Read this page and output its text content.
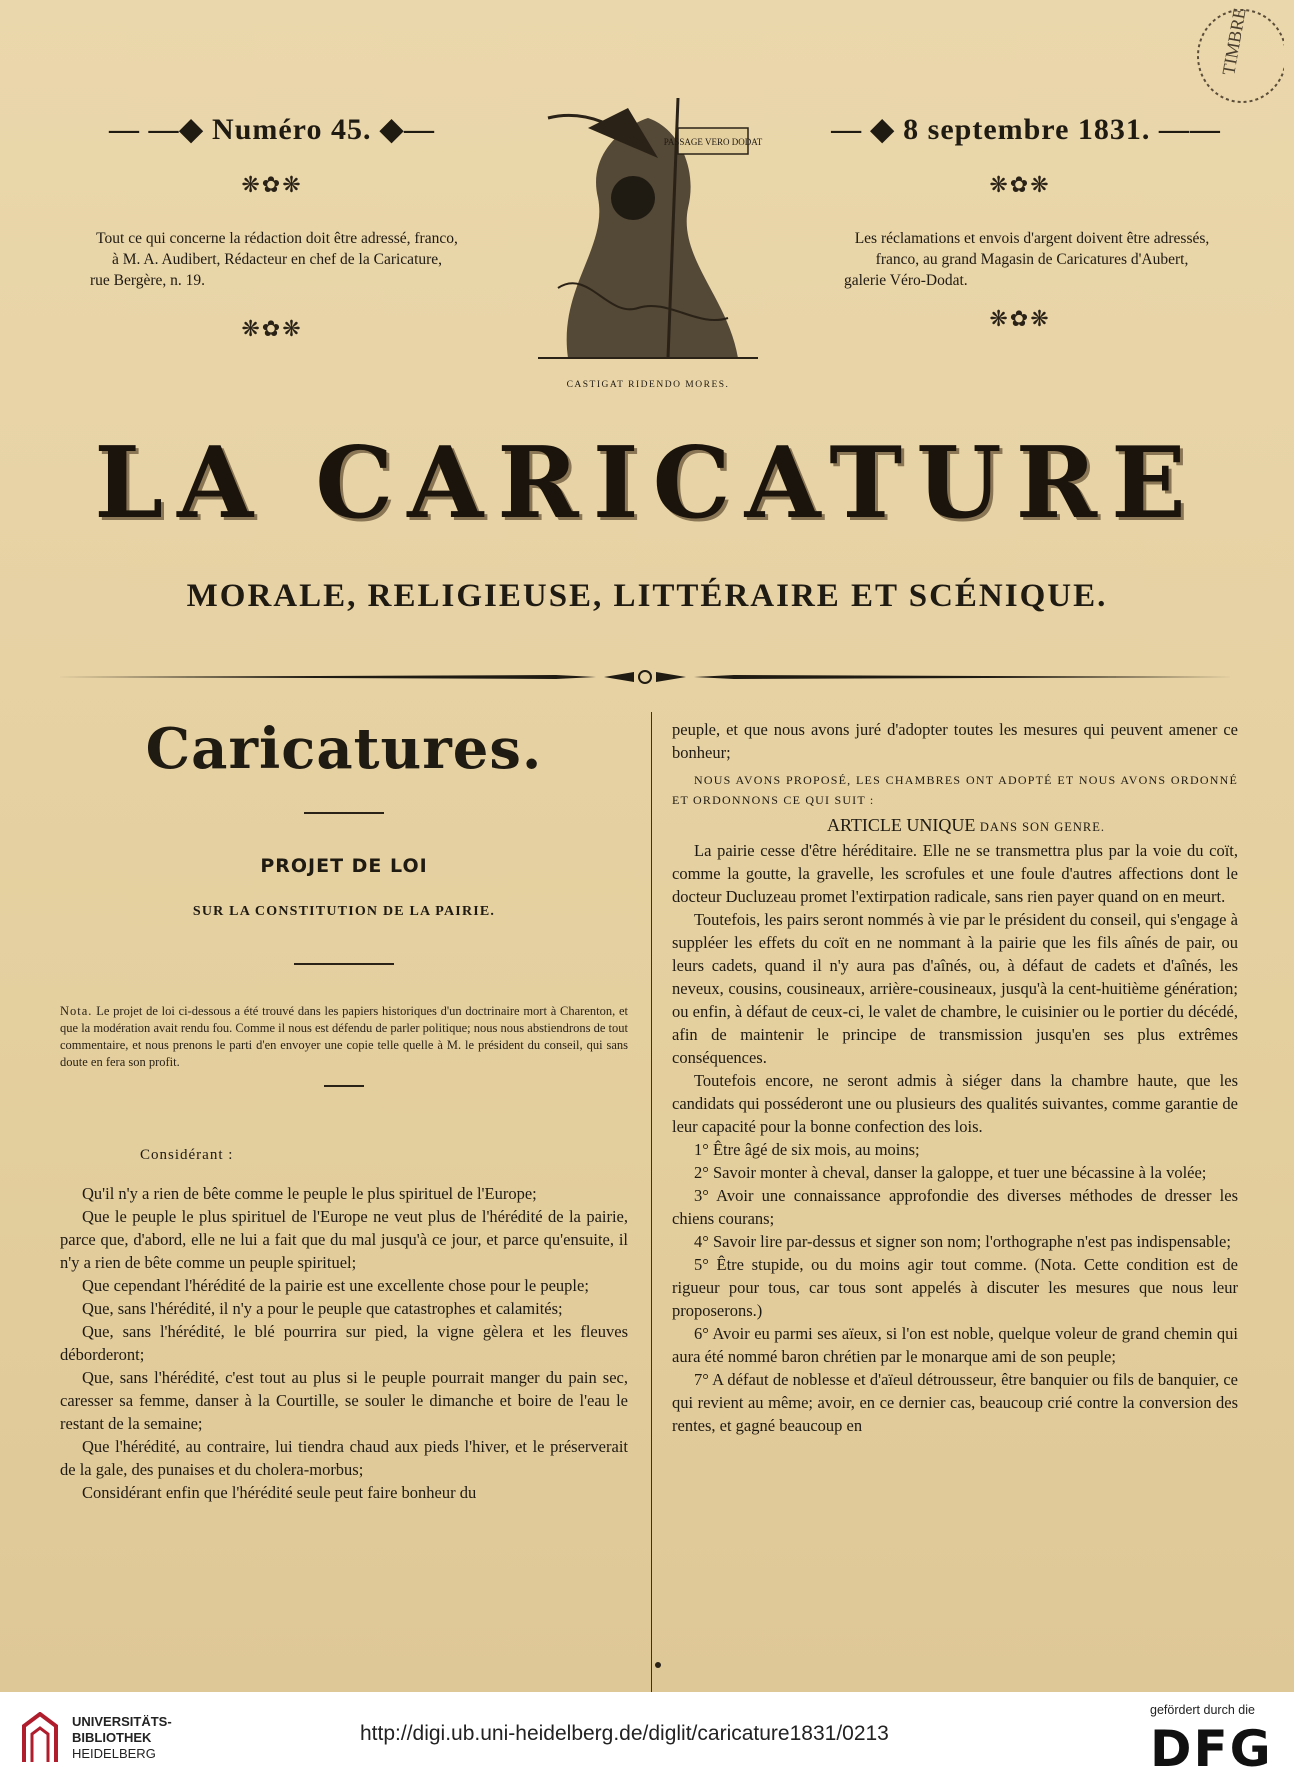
TIMBRE
— —◆ Numéro 45. ◆—
❋✿❋
Tout ce qui concerne la rédaction doit être adressé, franco,
à M. A. Audibert, Rédacteur en chef de la Caricature,
rue Bergère, n. 19.
❋✿❋
PASSAGE VERO DODAT
CASTIGAT RIDENDO MORES.
— ◆ 8 septembre 1831. ——
❋✿❋
Les réclamations et envois d'argent doivent être adressés,
franco, au grand Magasin de Caricatures d'Aubert,
galerie Véro-Dodat.
❋✿❋
LA CARICATURE
MORALE, RELIGIEUSE, LITTÉRAIRE ET SCÉNIQUE.
Caricatures.
PROJET DE LOI
SUR LA CONSTITUTION DE LA PAIRIE.
Nota. Le projet de loi ci-dessous a été trouvé dans les papiers historiques d'un doctrinaire mort à Charenton, et que la modération avait rendu fou. Comme il nous est défendu de parler politique; nous nous abstiendrons de tout commentaire, et nous prenons le parti d'en envoyer une copie telle quelle à M. le président du conseil, qui sans doute en fera son profit.
Considérant :

Qu'il n'y a rien de bête comme le peuple le plus spirituel de l'Europe;

Que le peuple le plus spirituel de l'Europe ne veut plus de l'hérédité de la pairie, parce que, d'abord, elle ne lui a fait que du mal jusqu'à ce jour, et parce qu'ensuite, il n'y a rien de bête comme un peuple spirituel;

Que cependant l'hérédité de la pairie est une excellente chose pour le peuple;

Que, sans l'hérédité, il n'y a pour le peuple que catastrophes et calamités;

Que, sans l'hérédité, le blé pourrira sur pied, la vigne gèlera et les fleuves déborderont;

Que, sans l'hérédité, c'est tout au plus si le peuple pourrait manger du pain sec, caresser sa femme, danser à la Courtille, se souler le dimanche et boire de l'eau le restant de la semaine;

Que l'hérédité, au contraire, lui tiendra chaud aux pieds l'hiver, et le préserverait de la gale, des punaises et du cholera-morbus;

Considérant enfin que l'hérédité seule peut faire bonheur du

peuple, et que nous avons juré d'adopter toutes les mesures qui peuvent amener ce bonheur;

NOUS AVONS PROPOSÉ, LES CHAMBRES ONT ADOPTÉ ET NOUS AVONS ORDONNÉ ET ORDONNONS CE QUI SUIT :

ARTICLE UNIQUE DANS SON GENRE.

La pairie cesse d'être héréditaire. Elle ne se transmettra plus par la voie du coït, comme la goutte, la gravelle, les scrofules et une foule d'autres affections dont le docteur Ducluzeau promet l'extirpation radicale, sans rien payer quand on en meurt.

Toutefois, les pairs seront nommés à vie par le président du conseil, qui s'engage à suppléer les effets du coït en ne nommant à la pairie que les fils aînés de pair, ou leurs cadets, quand il n'y aura pas d'aînés, ou, à défaut de cadets et d'aînés, les neveux, cousins, cousineaux, arrière-cousineaux, jusqu'à la cent-huitième génération; ou enfin, à défaut de ceux-ci, le valet de chambre, le cuisinier ou le portier du décédé, afin de maintenir le principe de transmission jusqu'en ses plus extrêmes conséquences.

Toutefois encore, ne seront admis à siéger dans la chambre haute, que les candidats qui posséderont une ou plusieurs des qualités suivantes, comme garantie de leur capacité pour la bonne confection des lois.

1° Être âgé de six mois, au moins;

2° Savoir monter à cheval, danser la galoppe, et tuer une bécassine à la volée;

3° Avoir une connaissance approfondie des diverses méthodes de dresser les chiens courans;

4° Savoir lire par-dessus et signer son nom; l'orthographe n'est pas indispensable;

5° Être stupide, ou du moins agir tout comme. (Nota. Cette condition est de rigueur pour tous, car tous sont appelés à discuter les mesures que nous leur proposerons.)

6° Avoir eu parmi ses aïeux, si l'on est noble, quelque voleur de grand chemin qui aura été nommé baron chrétien par le monarque ami de son peuple;

7° A défaut de noblesse et d'aïeul détrousseur, être banquier ou fils de banquier, ce qui revient au même; avoir, en ce dernier cas, beaucoup crié contre la conversion des rentes, et gagné beaucoup en

UNIVERSITÄTS-
BIBLIOTHEK
HEIDELBERG
http://digi.ub.uni-heidelberg.de/diglit/caricature1831/0213
gefördert durch die
DFG
